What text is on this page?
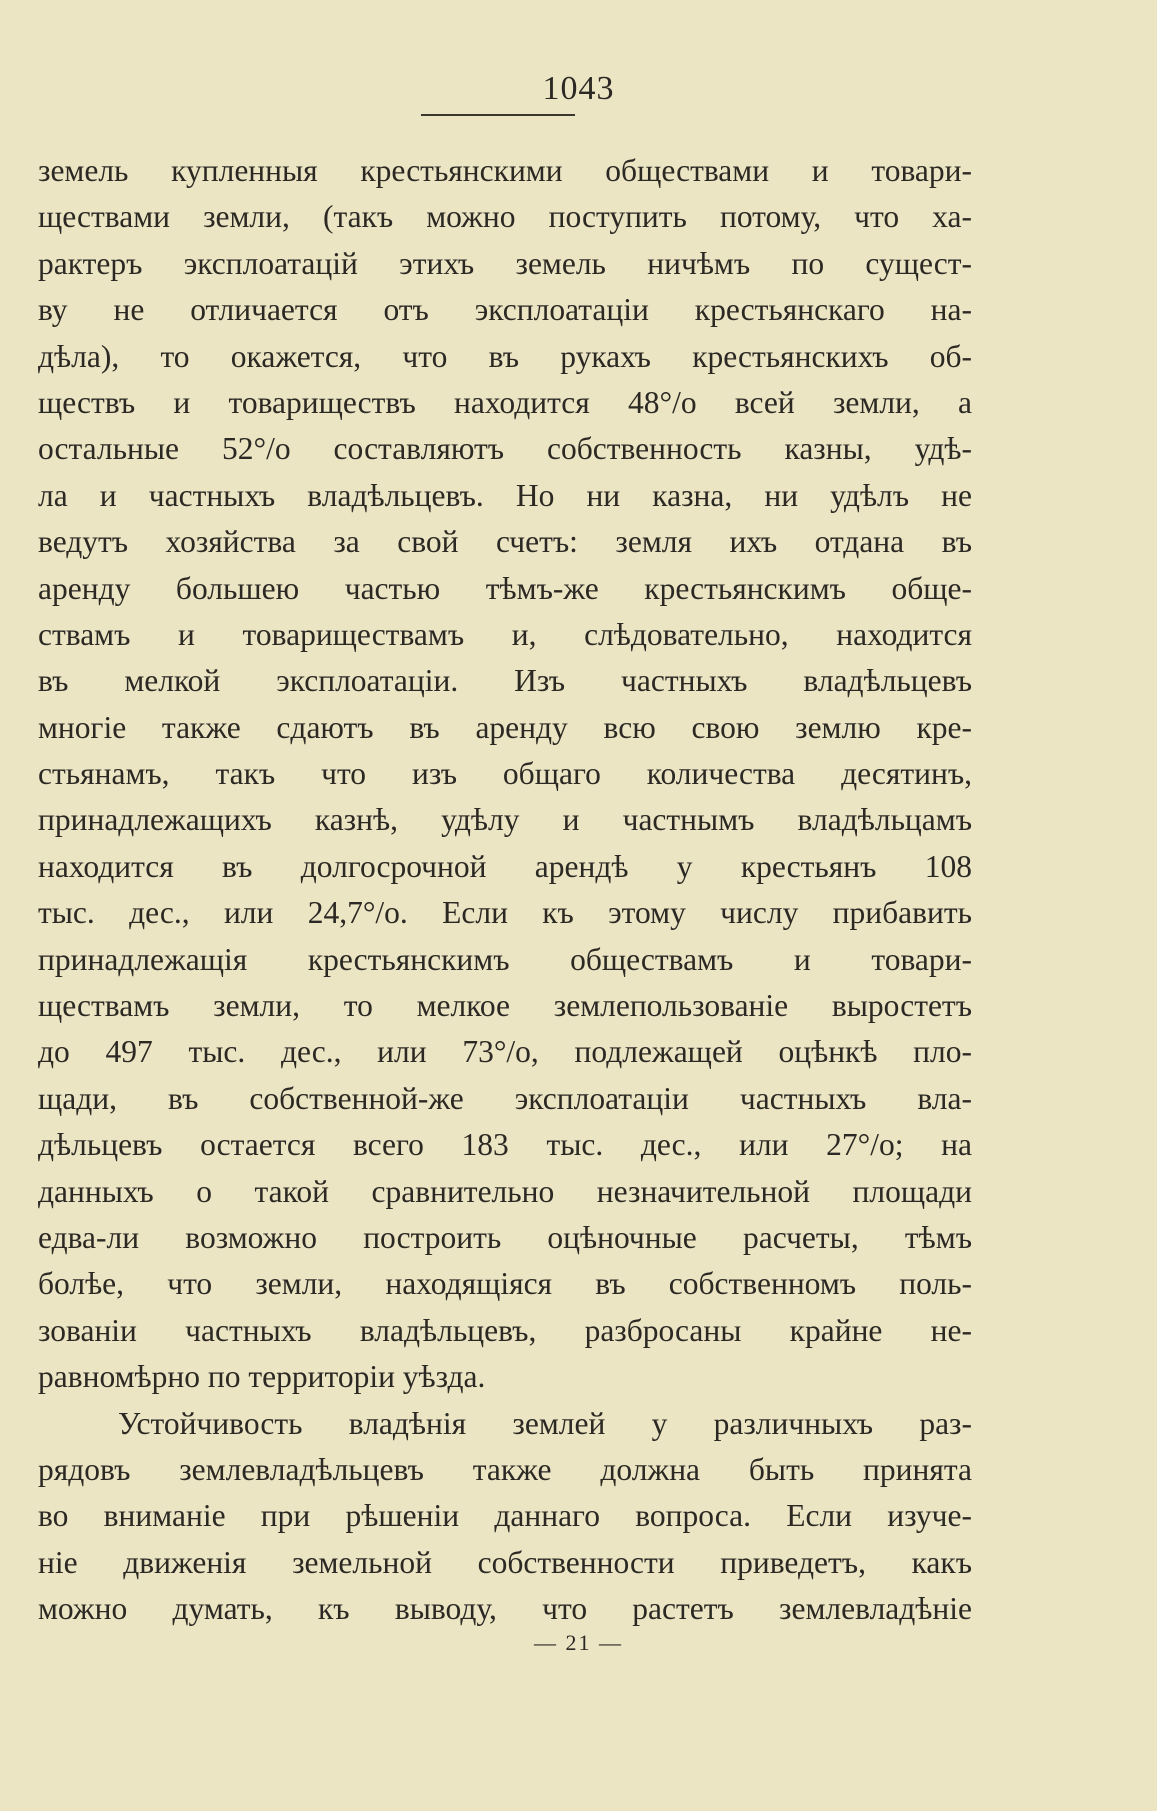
1043
земель купленныя крестьянскими обществами и товари-
ществами земли, (такъ можно поступить потому, что ха-
рактеръ эксплоатацій этихъ земель ничѣмъ по сущест-
ву не отличается отъ эксплоатаціи крестьянскаго на-
дѣла), то окажется, что въ рукахъ крестьянскихъ об-
ществъ и товариществъ находится 48°/о всей земли, а
остальные 52°/о составляютъ собственность казны, удѣ-
ла и частныхъ владѣльцевъ. Но ни казна, ни удѣлъ не
ведутъ хозяйства за свой счетъ: земля ихъ отдана въ
аренду большею частью тѣмъ-же крестьянскимъ обще-
ствамъ и товариществамъ и, слѣдовательно, находится
въ мелкой эксплоатаціи. Изъ частныхъ владѣльцевъ
многіе также сдаютъ въ аренду всю свою землю кре-
стьянамъ, такъ что изъ общаго количества десятинъ,
принадлежащихъ казнѣ, удѣлу и частнымъ владѣльцамъ
находится въ долгосрочной арендѣ у крестьянъ 108
тыс. дес., или 24,7°/о. Если къ этому числу прибавить
принадлежащія крестьянскимъ обществамъ и товари-
ществамъ земли, то мелкое землепользованіе выростетъ
до 497 тыс. дес., или 73°/о, подлежащей оцѣнкѣ пло-
щади, въ собственной-же эксплоатаціи частныхъ вла-
дѣльцевъ остается всего 183 тыс. дес., или 27°/о; на
данныхъ о такой сравнительно незначительной площади
едва-ли возможно построить оцѣночные расчеты, тѣмъ
болѣе, что земли, находящіяся въ собственномъ поль-
зованіи частныхъ владѣльцевъ, разбросаны крайне не-
равномѣрно по территоріи уѣзда.
Устойчивость владѣнія землей у различныхъ раз-
рядовъ землевладѣльцевъ также должна быть принята
во вниманіе при рѣшеніи даннаго вопроса. Если изуче-
ніе движенія земельной собственности приведетъ, какъ
можно думать, къ выводу, что растетъ землевладѣніе
— 21 —
